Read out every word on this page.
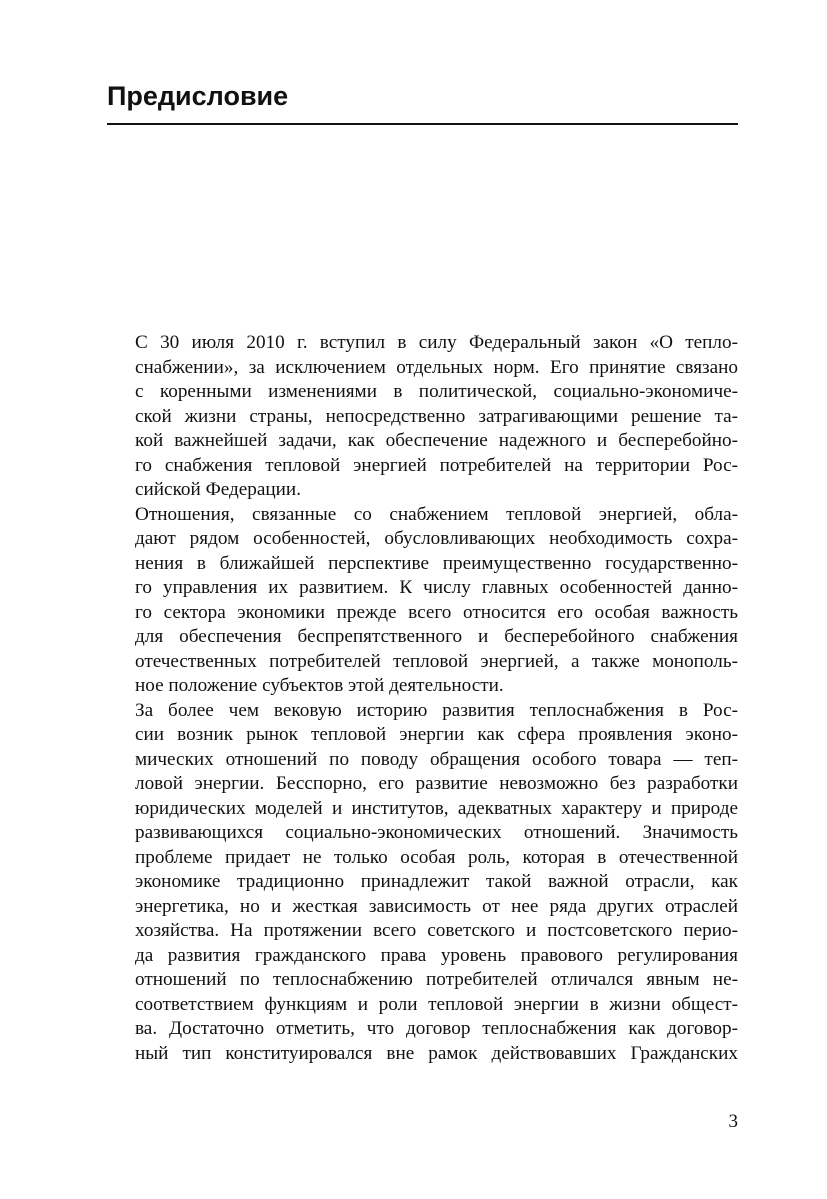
Предисловие

С 30 июля 2010 г. вступил в силу Федеральный закон «О тепло-
снабжении», за исключением отдельных норм. Его принятие связано
с коренными изменениями в политической, социально-экономиче-
ской жизни страны, непосредственно затрагивающими решение та-
кой важнейшей задачи, как обеспечение надежного и бесперебойно-
го снабжения тепловой энергией потребителей на территории Рос-
сийской Федерации.

Отношения, связанные со снабжением тепловой энергией, обла-
дают рядом особенностей, обусловливающих необходимость сохра-
нения в ближайшей перспективе преимущественно государственно-
го управления их развитием. К числу главных особенностей данно-
го сектора экономики прежде всего относится его особая важность
для обеспечения беспрепятственного и бесперебойного снабжения
отечественных потребителей тепловой энергией, а также монополь-
ное положение субъектов этой деятельности.

За более чем вековую историю развития теплоснабжения в Рос-
сии возник рынок тепловой энергии как сфера проявления эконо-
мических отношений по поводу обращения особого товара — теп-
ловой энергии. Бесспорно, его развитие невозможно без разработки
юридических моделей и институтов, адекватных характеру и природе
развивающихся социально-экономических отношений. Значимость
проблеме придает не только особая роль, которая в отечественной
экономике традиционно принадлежит такой важной отрасли, как
энергетика, но и жесткая зависимость от нее ряда других отраслей
хозяйства. На протяжении всего советского и постсоветского перио-
да развития гражданского права уровень правового регулирования
отношений по теплоснабжению потребителей отличался явным не-
соответствием функциям и роли тепловой энергии в жизни общест-
ва. Достаточно отметить, что договор теплоснабжения как договор-
ный тип конституировался вне рамок действовавших Гражданских

3
